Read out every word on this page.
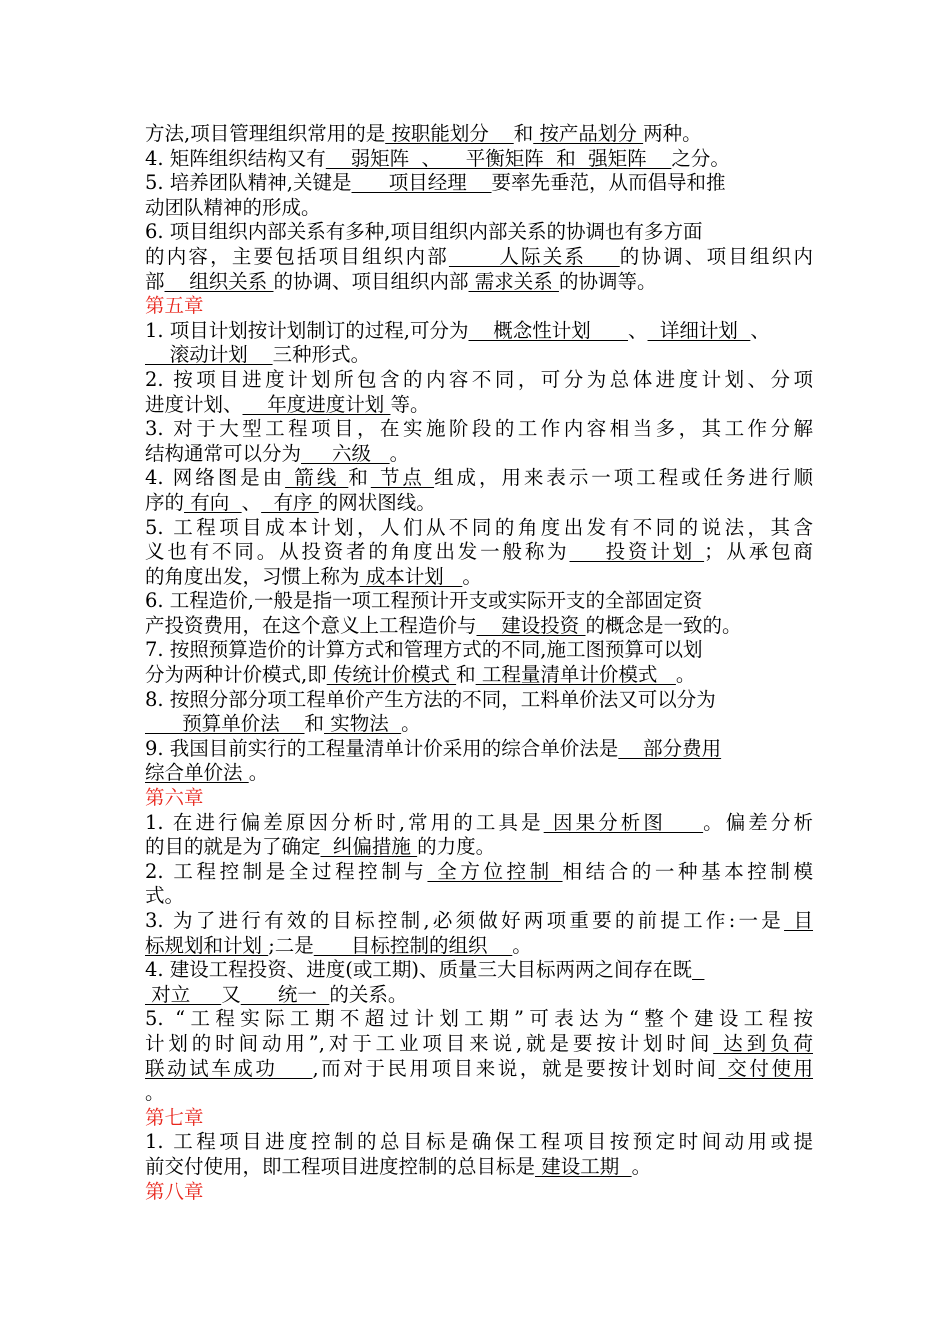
方法,项目管理组织常用的是 按职能划分    和 按产品划分 两种。
4. 矩阵组织结构又有    弱矩阵  、    平衡矩阵  和  强矩阵    之分。
5. 培养团队精神,关键是      项目经理    要率先垂范，从而倡导和推
动团队精神的形成。
6. 项目组织内部关系有多种,项目组织内部关系的协调也有多方面
的内容，主要包括项目组织内部      人际关系    的协调、项目组织内
部    组织关系 的协调、项目组织内部 需求关系 的协调等。
第五章
1. 项目计划按计划制订的过程,可分为    概念性计划      、  详细计划  、
滚动计划    三种形式。
2. 按项目进度计划所包含的内容不同，可分为总体进度计划、分项
进度计划、    年度进度计划 等。
3. 对于大型工程项目，在实施阶段的工作内容相当多，其工作分解
结构通常可以分为     六级   。
4. 网络图是由 箭线 和 节点 组成，用来表示一项工程或任务进行顺
序的 有向  、  有序 的网状图线。
5. 工程项目成本计划，人们从不同的角度出发有不同的说法，其含
义也有不同。从投资者的角度出发一般称为    投资计划 ；从承包商
的角度出发，习惯上称为 成本计划   。
6. 工程造价,一般是指一项工程预计开支或实际开支的全部固定资
产投资费用，在这个意义上工程造价与    建设投资 的概念是一致的。
7. 按照预算造价的计算方式和管理方式的不同,施工图预算可以划
分为两种计价模式,即 传统计价模式 和 工程量清单计价模式   。
8. 按照分部分项工程单价产生方法的不同，工料单价法又可以分为
预算单价法    和 实物法  。
9. 我国目前实行的工程量清单计价采用的综合单价法是    部分费用
综合单价法 。
第六章
1. 在进行偏差原因分析时,常用的工具是 因果分析图    。偏差分析
的目的就是为了确定  纠偏措施 的力度。
2. 工程控制是全过程控制与 全方位控制 相结合的一种基本控制模
式。
3. 为了进行有效的目标控制,必须做好两项重要的前提工作:一是 目
标规划和计划 ;二是      目标控制的组织    。
4. 建设工程投资、进度(或工期)、质量三大目标两两之间存在既
对立     又      统一  的关系。
5. “工程实际工期不超过计划工期”可表达为“整个建设工程按
计划的时间动用”,对于工业项目来说,就是要按计划时间 达到负荷
联动试车成功    ,而对于民用项目来说，就是要按计划时间 交付使用
。
第七章
1. 工程项目进度控制的总目标是确保工程项目按预定时间动用或提
前交付使用，即工程项目进度控制的总目标是 建设工期  。
第八章
